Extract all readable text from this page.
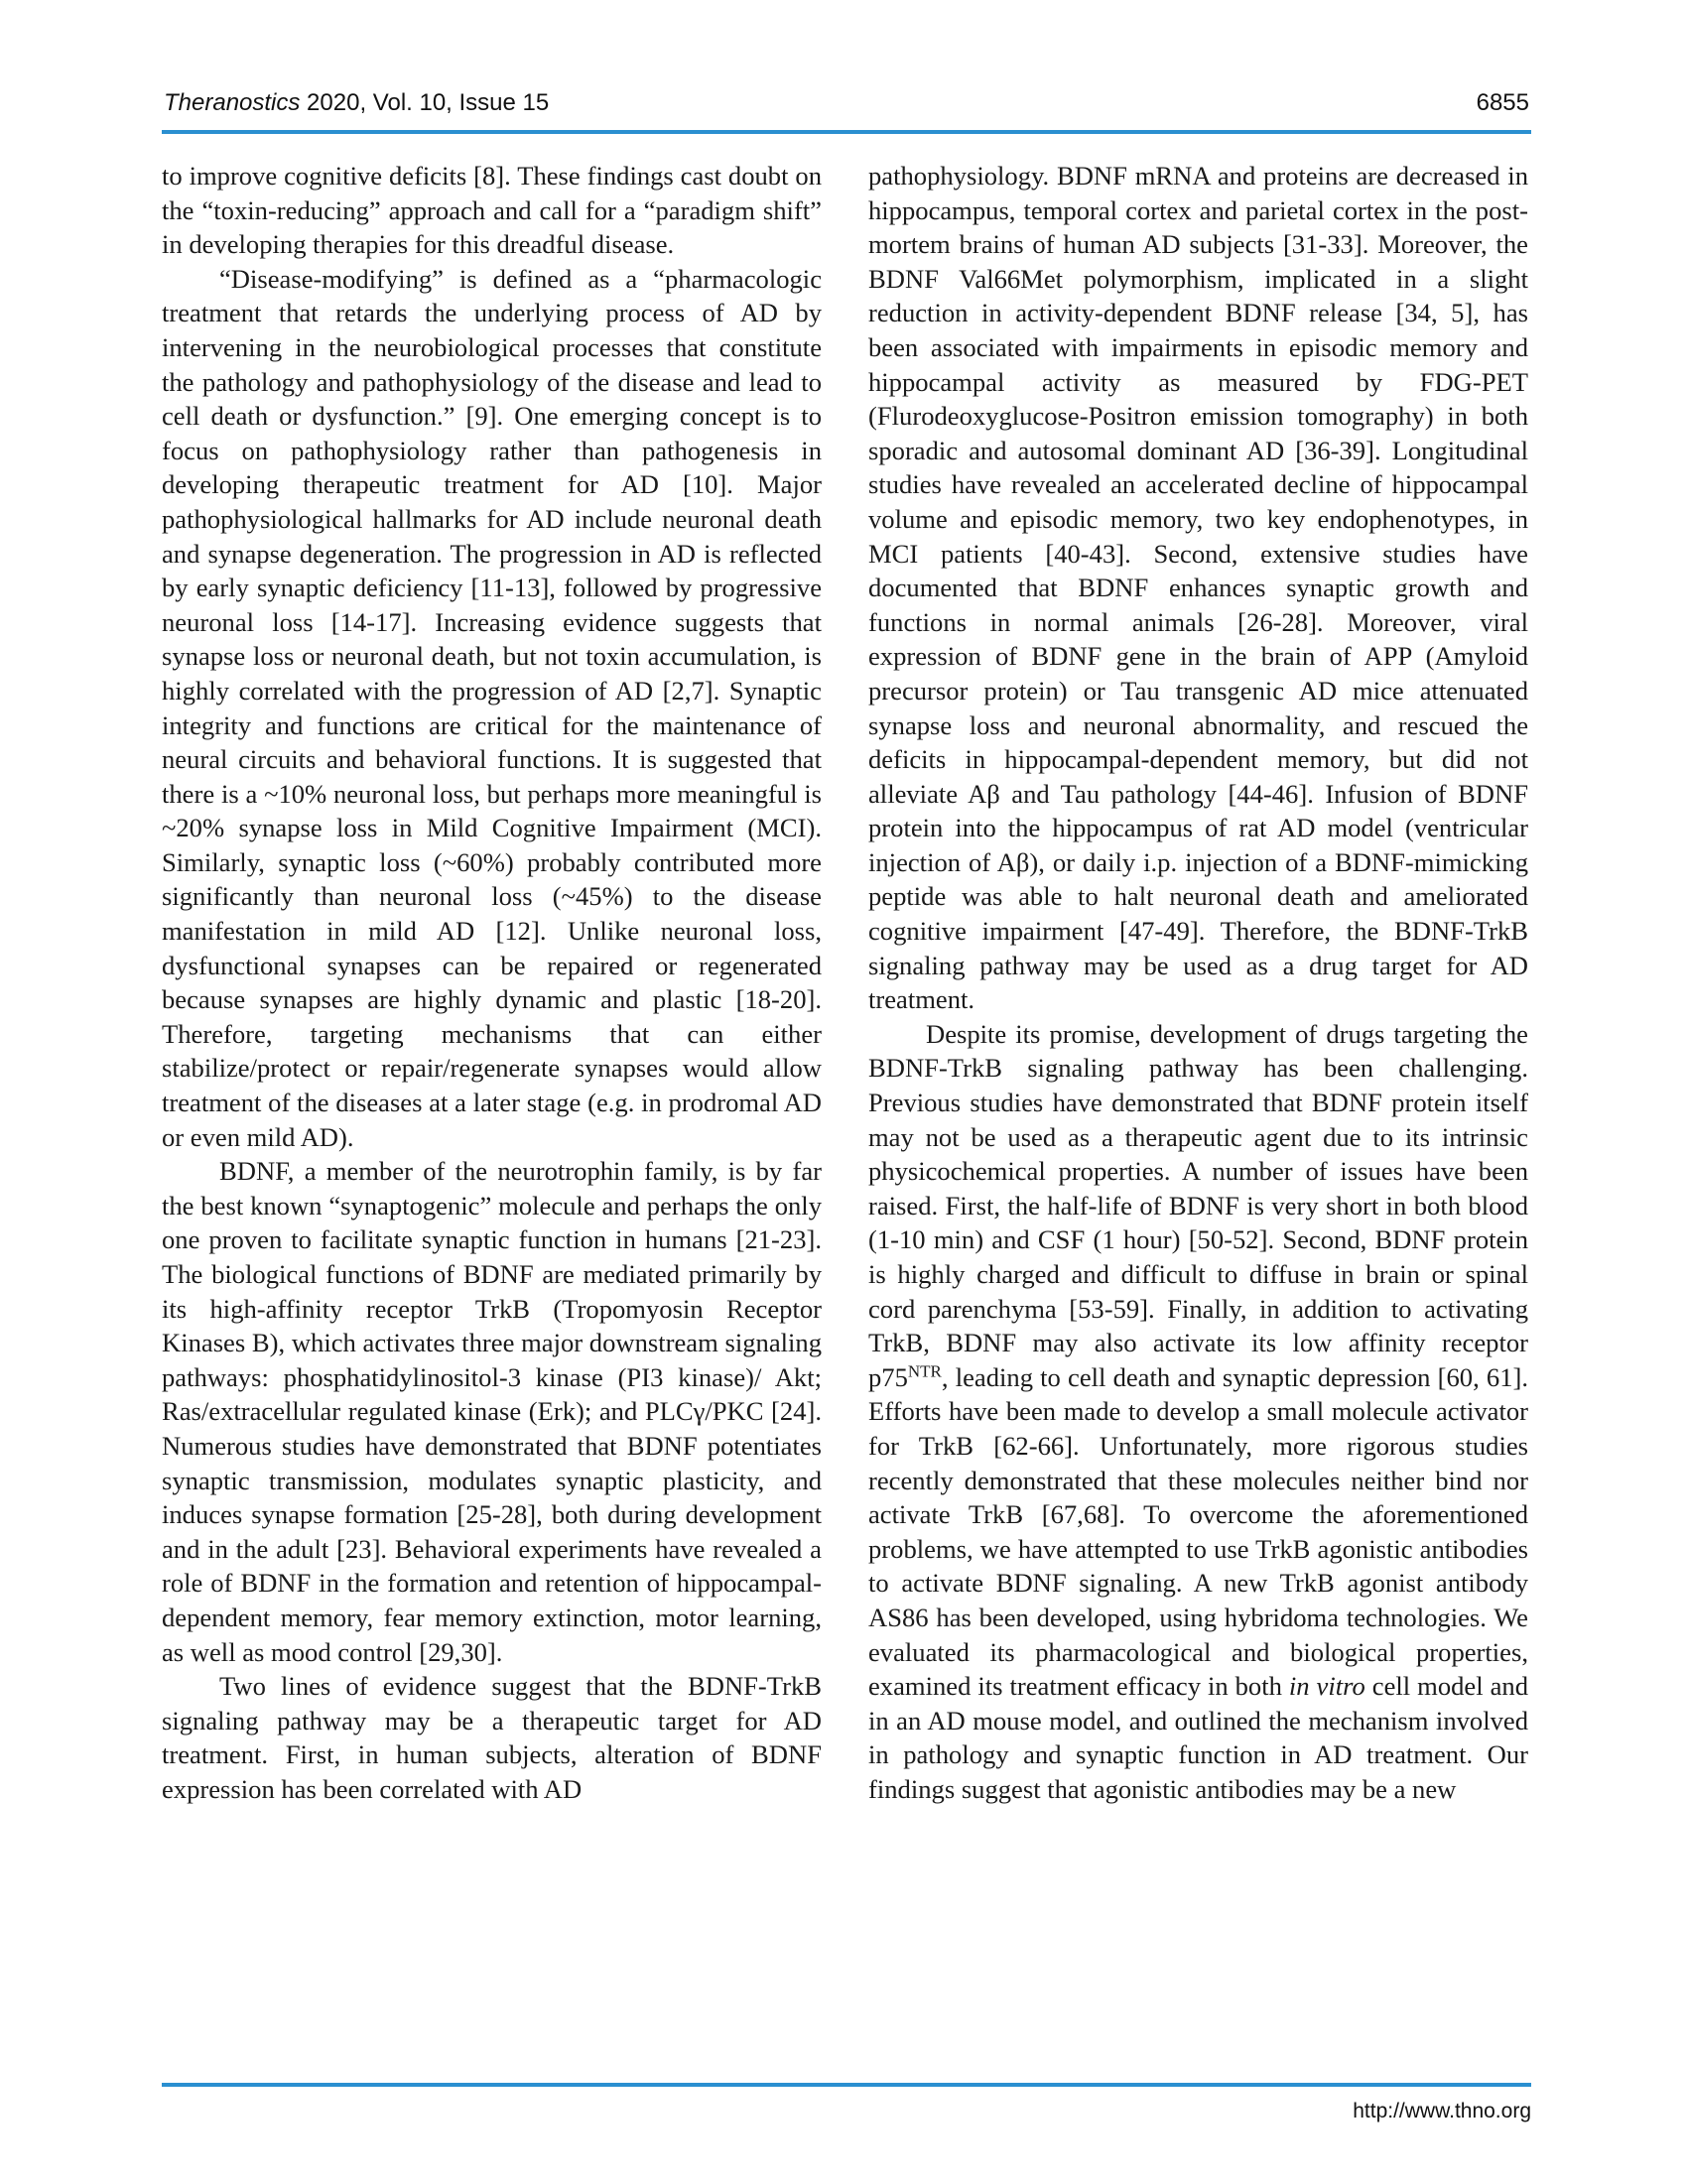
Theranostics 2020, Vol. 10, Issue 15	6855

to improve cognitive deficits [8]. These findings cast doubt on the “toxin-reducing” approach and call for a “paradigm shift” in developing therapies for this dreadful disease.

“Disease-modifying” is defined as a “pharmacologic treatment that retards the underlying process of AD by intervening in the neurobiological processes that constitute the pathology and pathophysiology of the disease and lead to cell death or dysfunction.” [9]. One emerging concept is to focus on pathophysiology rather than pathogenesis in developing therapeutic treatment for AD [10]. Major pathophysiological hallmarks for AD include neuronal death and synapse degeneration. The progression in AD is reflected by early synaptic deficiency [11-13], followed by progressive neuronal loss [14-17]. Increasing evidence suggests that synapse loss or neuronal death, but not toxin accumulation, is highly correlated with the progression of AD [2,7]. Synaptic integrity and functions are critical for the maintenance of neural circuits and behavioral functions. It is suggested that there is a ~10% neuronal loss, but perhaps more meaningful is ~20% synapse loss in Mild Cognitive Impairment (MCI). Similarly, synaptic loss (~60%) probably contributed more significantly than neuronal loss (~45%) to the disease manifestation in mild AD [12]. Unlike neuronal loss, dysfunctional synapses can be repaired or regenerated because synapses are highly dynamic and plastic [18-20]. Therefore, targeting mechanisms that can either stabilize/protect or repair/regenerate synapses would allow treatment of the diseases at a later stage (e.g. in prodromal AD or even mild AD).

BDNF, a member of the neurotrophin family, is by far the best known “synaptogenic” molecule and perhaps the only one proven to facilitate synaptic function in humans [21-23]. The biological functions of BDNF are mediated primarily by its high-affinity receptor TrkB (Tropomyosin Receptor Kinases B), which activates three major downstream signaling pathways: phosphatidylinositol-3 kinase (PI3 kinase)/ Akt; Ras/extracellular regulated kinase (Erk); and PLCγ/PKC [24]. Numerous studies have demonstrated that BDNF potentiates synaptic transmission, modulates synaptic plasticity, and induces synapse formation [25-28], both during development and in the adult [23]. Behavioral experiments have revealed a role of BDNF in the formation and retention of hippocampal-dependent memory, fear memory extinction, motor learning, as well as mood control [29,30].

Two lines of evidence suggest that the BDNF-TrkB signaling pathway may be a therapeutic target for AD treatment. First, in human subjects, alteration of BDNF expression has been correlated with AD

pathophysiology. BDNF mRNA and proteins are decreased in hippocampus, temporal cortex and parietal cortex in the post-mortem brains of human AD subjects [31-33]. Moreover, the BDNF Val66Met polymorphism, implicated in a slight reduction in activity-dependent BDNF release [34, 5], has been associated with impairments in episodic memory and hippocampal activity as measured by FDG-PET (Flurodeoxyglucose-Positron emission tomography) in both sporadic and autosomal dominant AD [36-39]. Longitudinal studies have revealed an accelerated decline of hippocampal volume and episodic memory, two key endophenotypes, in MCI patients [40-43]. Second, extensive studies have documented that BDNF enhances synaptic growth and functions in normal animals [26-28]. Moreover, viral expression of BDNF gene in the brain of APP (Amyloid precursor protein) or Tau transgenic AD mice attenuated synapse loss and neuronal abnormality, and rescued the deficits in hippocampal-dependent memory, but did not alleviate Aβ and Tau pathology [44-46]. Infusion of BDNF protein into the hippocampus of rat AD model (ventricular injection of Aβ), or daily i.p. injection of a BDNF-mimicking peptide was able to halt neuronal death and ameliorated cognitive impairment [47-49]. Therefore, the BDNF-TrkB signaling pathway may be used as a drug target for AD treatment.

Despite its promise, development of drugs targeting the BDNF-TrkB signaling pathway has been challenging. Previous studies have demonstrated that BDNF protein itself may not be used as a therapeutic agent due to its intrinsic physicochemical properties. A number of issues have been raised. First, the half-life of BDNF is very short in both blood (1-10 min) and CSF (1 hour) [50-52]. Second, BDNF protein is highly charged and difficult to diffuse in brain or spinal cord parenchyma [53-59]. Finally, in addition to activating TrkB, BDNF may also activate its low affinity receptor $p75^{NTR}$, leading to cell death and synaptic depression [60, 61]. Efforts have been made to develop a small molecule activator for TrkB [62-66]. Unfortunately, more rigorous studies recently demonstrated that these molecules neither bind nor activate TrkB [67,68]. To overcome the aforementioned problems, we have attempted to use TrkB agonistic antibodies to activate BDNF signaling. A new TrkB agonist antibody AS86 has been developed, using hybridoma technologies. We evaluated its pharmacological and biological properties, examined its treatment efficacy in both in vitro cell model and in an AD mouse model, and outlined the mechanism involved in pathology and synaptic function in AD treatment. Our findings suggest that agonistic antibodies may be a new

http://www.thno.org
